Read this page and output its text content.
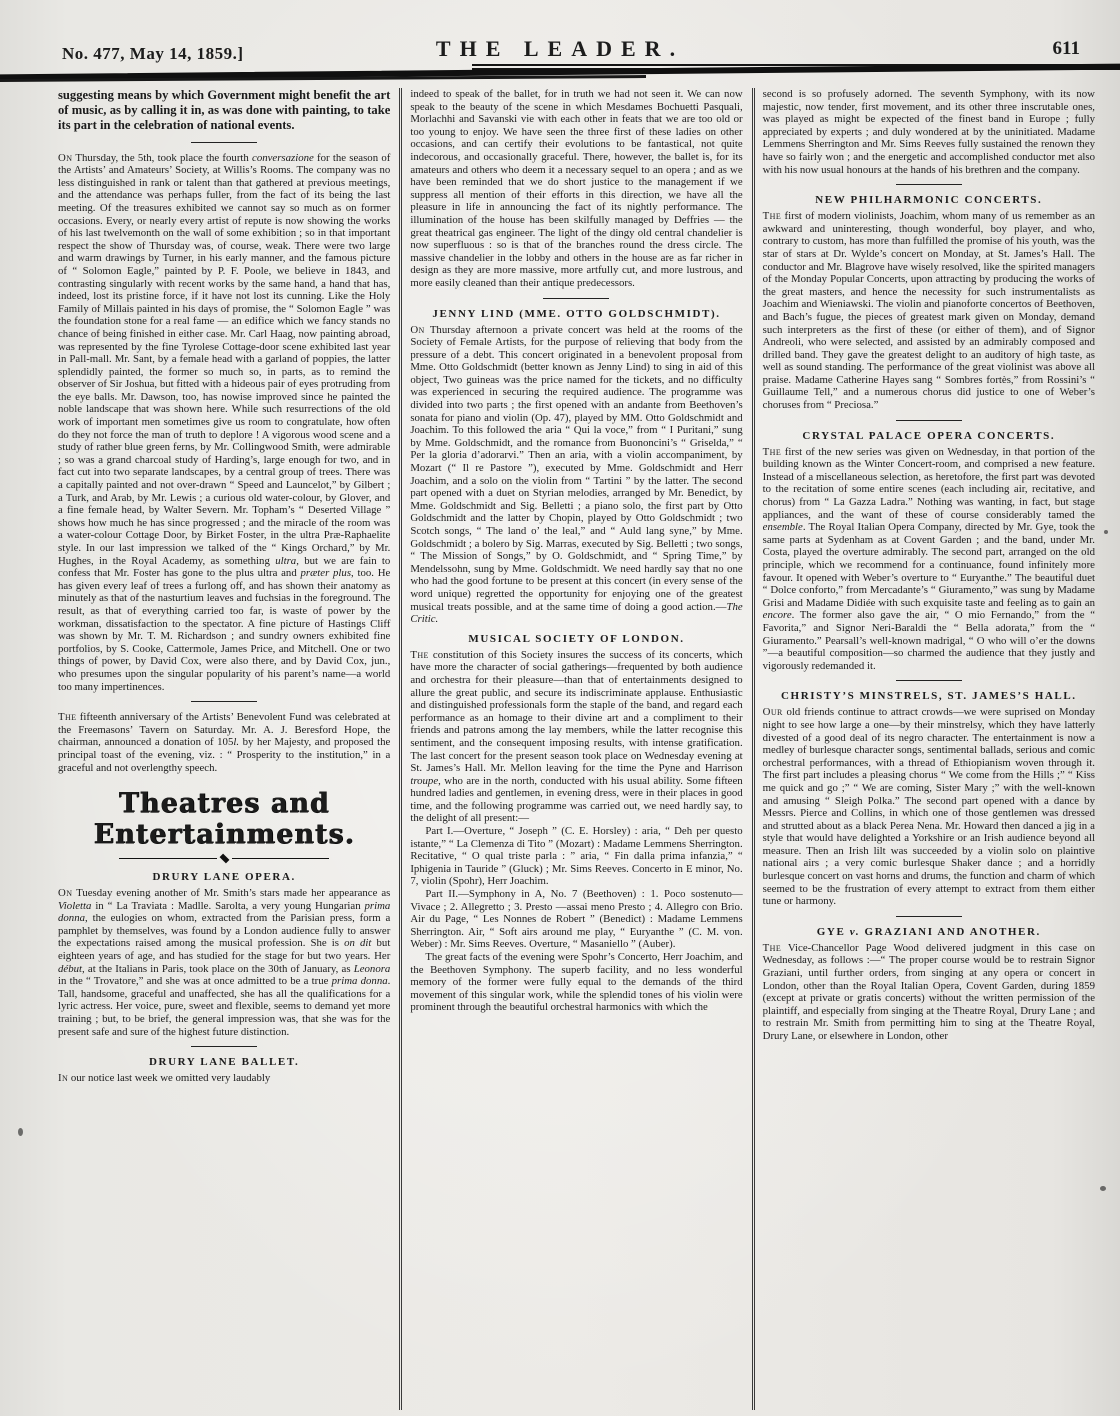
No. 477, May 14, 1859.]	THE LEADER.	611

suggesting means by which Government might benefit the art of music, as by calling it in, as was done with painting, to take its part in the celebration of national events.

On Thursday, the 5th, took place the fourth conversazione for the season of the Artists’ and Amateurs’ Society, at Willis’s Rooms. The company was no less distinguished in rank or talent than that gathered at previous meetings, and the attendance was perhaps fuller, from the fact of its being the last meeting. Of the treasures exhibited we cannot say so much as on former occasions. Every, or nearly every artist of repute is now showing the works of his last twelvemonth on the wall of some exhibition ; so in that important respect the show of Thursday was, of course, weak. There were two large and warm drawings by Turner, in his early manner, and the famous picture of “ Solomon Eagle,” painted by P. F. Poole, we believe in 1843, and contrasting singularly with recent works by the same hand, a hand that has, indeed, lost its pristine force, if it have not lost its cunning. Like the Holy Family of Millais painted in his days of promise, the “ Solomon Eagle ” was the foundation stone for a real fame — an edifice which we fancy stands no chance of being finished in either case. Mr. Carl Haag, now painting abroad, was represented by the fine Tyrolese Cottage-door scene exhibited last year in Pall-mall. Mr. Sant, by a female head with a garland of poppies, the latter splendidly painted, the former so much so, in parts, as to remind the observer of Sir Joshua, but fitted with a hideous pair of eyes protruding from the eye balls. Mr. Dawson, too, has nowise improved since he painted the noble landscape that was shown here. While such resurrections of the old work of important men sometimes give us room to congratulate, how often do they not force the man of truth to deplore ! A vigorous wood scene and a study of rather blue green ferns, by Mr. Collingwood Smith, were admirable ; so was a grand charcoal study of Harding’s, large enough for two, and in fact cut into two separate landscapes, by a central group of trees. There was a capitally painted and not over-drawn “ Speed and Launcelot,” by Gilbert ; a Turk, and Arab, by Mr. Lewis ; a curious old water-colour, by Glover, and a fine female head, by Walter Severn. Mr. Topham’s “ Deserted Village ” shows how much he has since progressed ; and the miracle of the room was a water-colour Cottage Door, by Birket Foster, in the ultra Præ-Raphaelite style. In our last impression we talked of the “ Kings Orchard,” by Mr. Hughes, in the Royal Academy, as something ultra, but we are fain to confess that Mr. Foster has gone to the plus ultra and præter plus, too. He has given every leaf of trees a furlong off, and has shown their anatomy as minutely as that of the nasturtium leaves and fuchsias in the foreground. The result, as that of everything carried too far, is waste of power by the workman, dissatisfaction to the spectator. A fine picture of Hastings Cliff was shown by Mr. T. M. Richardson ; and sundry owners exhibited fine portfolios, by S. Cooke, Cattermole, James Price, and Mitchell. One or two things of power, by David Cox, were also there, and by David Cox, jun., who presumes upon the singular popularity of his parent’s name—a world too many impertinences.

The fifteenth anniversary of the Artists’ Benevolent Fund was celebrated at the Freemasons’ Tavern on Saturday. Mr. A. J. Beresford Hope, the chairman, announced a donation of 105l. by her Majesty, and proposed the principal toast of the evening, viz. : “ Prosperity to the institution,” in a graceful and not overlengthy speech.

Theatres and Entertainments.
DRURY LANE OPERA.

On Tuesday evening another of Mr. Smith’s stars made her appearance as Violetta in “ La Traviata : Madlle. Sarolta, a very young Hungarian prima donna, the eulogies on whom, extracted from the Parisian press, form a pamphlet by themselves, was found by a London audience fully to answer the expectations raised among the musical profession. She is on dit but eighteen years of age, and has studied for the stage for but two years. Her début, at the Italians in Paris, took place on the 30th of January, as Leonora in the “ Trovatore,” and she was at once admitted to be a true prima donna. Tall, handsome, graceful and unaffected, she has all the qualifications for a lyric actress. Her voice, pure, sweet and flexible, seems to demand yet more training ; but, to be brief, the general impression was, that she was for the present safe and sure of the highest future distinction.

DRURY LANE BALLET.

In our notice last week we omitted very laudably

indeed to speak of the ballet, for in truth we had not seen it. We can now speak to the beauty of the scene in which Mesdames Bochuetti Pasquali, Morlachhi and Savanski vie with each other in feats that we are too old or too young to enjoy. We have seen the three first of these ladies on other occasions, and can certify their evolutions to be fantastical, not quite indecorous, and occasionally graceful. There, however, the ballet is, for its amateurs and others who deem it a necessary sequel to an opera ; and as we have been reminded that we do short justice to the management if we suppress all mention of their efforts in this direction, we have all the pleasure in life in announcing the fact of its nightly performance. The illumination of the house has been skilfully managed by Deffries — the great theatrical gas engineer. The light of the dingy old central chandelier is now superfluous : so is that of the branches round the dress circle. The massive chandelier in the lobby and others in the house are as far richer in design as they are more massive, more artfully cut, and more lustrous, and more easily cleaned than their antique predecessors.

JENNY LIND (MME. OTTO GOLDSCHMIDT).

On Thursday afternoon a private concert was held at the rooms of the Society of Female Artists, for the purpose of relieving that body from the pressure of a debt. This concert originated in a benevolent proposal from Mme. Otto Goldschmidt (better known as Jenny Lind) to sing in aid of this object, Two guineas was the price named for the tickets, and no difficulty was experienced in securing the required audience. The programme was divided into two parts ; the first opened with an andante from Beethoven’s sonata for piano and violin (Op. 47), played by MM. Otto Goldschmidt and Joachim. To this followed the aria “ Qui la voce,” from “ I Puritani,” sung by Mme. Goldschmidt, and the romance from Buononcini’s “ Griselda,” “ Per la gloria d’adorarvi.” Then an aria, with a violin accompaniment, by Mozart (“ Il re Pastore ”), executed by Mme. Goldschmidt and Herr Joachim, and a solo on the violin from “ Tartini ” by the latter. The second part opened with a duet on Styrian melodies, arranged by Mr. Benedict, by Mme. Goldschmidt and Sig. Belletti ; a piano solo, the first part by Otto Goldschmidt and the latter by Chopin, played by Otto Goldschmidt ; two Scotch songs, “ The land o’ the leal,” and “ Auld lang syne,” by Mme. Goldschmidt ; a bolero by Sig. Marras, executed by Sig. Belletti ; two songs, “ The Mission of Songs,” by O. Goldschmidt, and “ Spring Time,” by Mendelssohn, sung by Mme. Goldschmidt. We need hardly say that no one who had the good fortune to be present at this concert (in every sense of the word unique) regretted the opportunity for enjoying one of the greatest musical treats possible, and at the same time of doing a good action.—The Critic.

MUSICAL SOCIETY OF LONDON.

The constitution of this Society insures the success of its concerts, which have more the character of social gatherings—frequented by both audience and orchestra for their pleasure—than that of entertainments designed to allure the great public, and secure its indiscriminate applause. Enthusiastic and distinguished professionals form the staple of the band, and regard each performance as an homage to their divine art and a compliment to their friends and patrons among the lay members, while the latter recognise this sentiment, and the consequent imposing results, with intense gratification. The last concert for the present season took place on Wednesday evening at St. James’s Hall. Mr. Mellon leaving for the time the Pyne and Harrison troupe, who are in the north, conducted with his usual ability. Some fifteen hundred ladies and gentlemen, in evening dress, were in their places in good time, and the following programme was carried out, we need hardly say, to the delight of all present:—

Part I.—Overture, “ Joseph ” (C. E. Horsley) : aria, “ Deh per questo istante,” “ La Clemenza di Tito ” (Mozart) : Madame Lemmens Sherrington. Recitative, “ O qual triste parla : ” aria, “ Fin dalla prima infanzia,” “ Iphigenia in Tauride ” (Gluck) ; Mr. Sims Reeves. Concerto in E minor, No. 7, violin (Spohr), Herr Joachim.

Part II.—Symphony in A, No. 7 (Beethoven) : 1. Poco sostenuto—Vivace ; 2. Allegretto ; 3. Presto —assai meno Presto ; 4. Allegro con Brio. Air du Page, “ Les Nonnes de Robert ” (Benedict) : Madame Lemmens Sherrington. Air, “ Soft airs around me play, “ Euryanthe ” (C. M. von. Weber) : Mr. Sims Reeves. Overture, “ Masaniello ” (Auber).

The great facts of the evening were Spohr’s Concerto, Herr Joachim, and the Beethoven Symphony. The superb facility, and no less wonderful memory of the former were fully equal to the demands of the third movement of this singular work, while the splendid tones of his violin were prominent through the beautiful orchestral harmonics with which the

second is so profusely adorned. The seventh Symphony, with its now majestic, now tender, first movement, and its other three inscrutable ones, was played as might be expected of the finest band in Europe ; fully appreciated by experts ; and duly wondered at by the uninitiated. Madame Lemmens Sherrington and Mr. Sims Reeves fully sustained the renown they have so fairly won ; and the energetic and accomplished conductor met also with his now usual honours at the hands of his brethren and the company.

NEW PHILHARMONIC CONCERTS.

The first of modern violinists, Joachim, whom many of us remember as an awkward and uninteresting, though wonderful, boy player, and who, contrary to custom, has more than fulfilled the promise of his youth, was the star of stars at Dr. Wylde’s concert on Monday, at St. James’s Hall. The conductor and Mr. Blagrove have wisely resolved, like the spirited managers of the Monday Popular Concerts, upon attracting by producing the works of the great masters, and hence the necessity for such instrumentalists as Joachim and Wieniawski. The violin and pianoforte concertos of Beethoven, and Bach’s fugue, the pieces of greatest mark given on Monday, demand such interpreters as the first of these (or either of them), and of Signor Andreoli, who were selected, and assisted by an admirably composed and drilled band. They gave the greatest delight to an auditory of high taste, as well as sound standing. The performance of the great violinist was above all praise. Madame Catherine Hayes sang “ Sombres fortès,” from Rossini’s “ Guillaume Tell,” and a numerous chorus did justice to one of Weber’s choruses from “ Preciosa.”

CRYSTAL PALACE OPERA CONCERTS.

The first of the new series was given on Wednesday, in that portion of the building known as the Winter Concert-room, and comprised a new feature. Instead of a miscellaneous selection, as heretofore, the first part was devoted to the recitation of some entire scenes (each including air, recitative, and chorus) from “ La Gazza Ladra.” Nothing was wanting, in fact, but stage appliances, and the want of these of course considerably tamed the ensemble. The Royal Italian Opera Company, directed by Mr. Gye, took the same parts at Sydenham as at Covent Garden ; and the band, under Mr. Costa, played the overture admirably. The second part, arranged on the old principle, which we recommend for a continuance, found infinitely more favour. It opened with Weber’s overture to “ Euryanthe.” The beautiful duet “ Dolce conforto,” from Mercadante’s “ Giuramento,” was sung by Madame Grisi and Madame Didiée with such exquisite taste and feeling as to gain an encore. The former also gave the air, “ O mio Fernando,” from the “ Favorita,” and Signor Neri-Baraldi the “ Bella adorata,” from the “ Giuramento.” Pearsall’s well-known madrigal, “ O who will o’er the downs ”—a beautiful composition—so charmed the audience that they justly and vigorously redemanded it.

CHRISTY’S MINSTRELS, ST. JAMES’S HALL.

Our old friends continue to attract crowds—we were suprised on Monday night to see how large a one—by their minstrelsy, which they have latterly divested of a good deal of its negro character. The entertainment is now a medley of burlesque character songs, sentimental ballads, serious and comic orchestral performances, with a thread of Ethiopianism woven through it. The first part includes a pleasing chorus “ We come from the Hills ;” “ Kiss me quick and go ;” “ We are coming, Sister Mary ;” with the well-known and amusing “ Sleigh Polka.” The second part opened with a dance by Messrs. Pierce and Collins, in which one of those gentlemen was dressed and strutted about as a black Perea Nena. Mr. Howard then danced a jig in a style that would have delighted a Yorkshire or an Irish audience beyond all measure. Then an Irish lilt was succeeded by a violin solo on plaintive national airs ; a very comic burlesque Shaker dance ; and a horridly burlesque concert on vast horns and drums, the function and charm of which seemed to be the frustration of every attempt to extract from them either tune or harmony.

GYE v. GRAZIANI AND ANOTHER.

The Vice-Chancellor Page Wood delivered judgment in this case on Wednesday, as follows :—“ The proper course would be to restrain Signor Graziani, until further orders, from singing at any opera or concert in London, other than the Royal Italian Opera, Covent Garden, during 1859 (except at private or gratis concerts) without the written permission of the plaintiff, and especially from singing at the Theatre Royal, Drury Lane ; and to restrain Mr. Smith from permitting him to sing at the Theatre Royal, Drury Lane, or elsewhere in London, other
